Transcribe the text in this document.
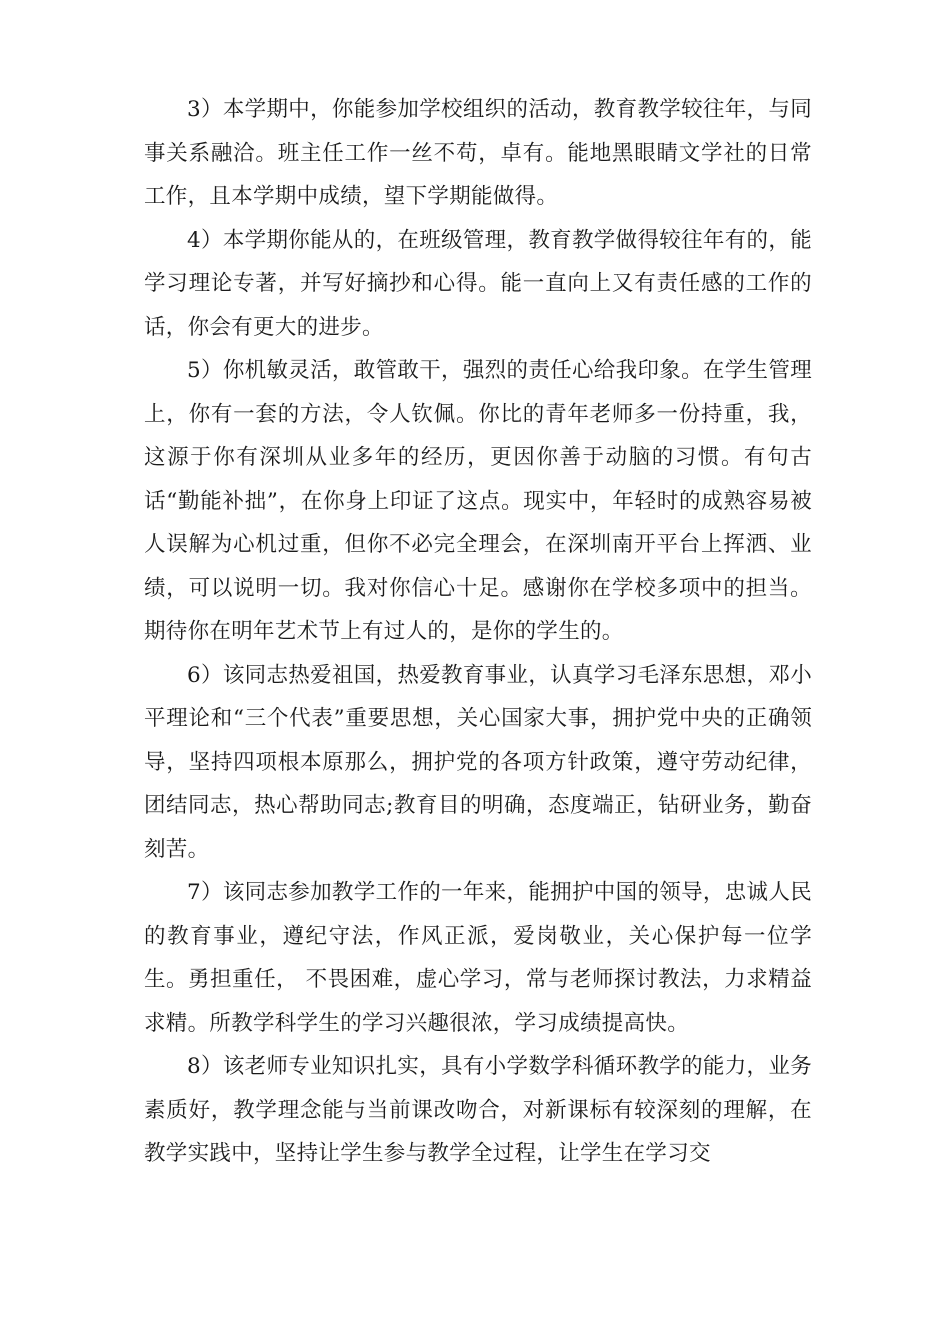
3）本学期中，你能参加学校组织的活动，教育教学较往年，与同事关系融洽。班主任工作一丝不苟，卓有。能地黑眼睛文学社的日常工作，且本学期中成绩，望下学期能做得。

4）本学期你能从的，在班级管理，教育教学做得较往年有的，能学习理论专著，并写好摘抄和心得。能一直向上又有责任感的工作的话，你会有更大的进步。

5）你机敏灵活，敢管敢干，强烈的责任心给我印象。在学生管理上，你有一套的方法，令人钦佩。你比的青年老师多一份持重，我，这源于你有深圳从业多年的经历，更因你善于动脑的习惯。有句古话“勤能补拙”，在你身上印证了这点。现实中，年轻时的成熟容易被人误解为心机过重，但你不必完全理会，在深圳南开平台上挥洒、业绩，可以说明一切。我对你信心十足。感谢你在学校多项中的担当。期待你在明年艺术节上有过人的，是你的学生的。

6）该同志热爱祖国，热爱教育事业，认真学习毛泽东思想，邓小平理论和“三个代表”重要思想，关心国家大事，拥护党中央的正确领导，坚持四项根本原那么，拥护党的各项方针政策，遵守劳动纪律，团结同志，热心帮助同志;教育目的明确，态度端正，钻研业务，勤奋刻苦。

7）该同志参加教学工作的一年来，能拥护中国的领导，忠诚人民的教育事业，遵纪守法，作风正派，爱岗敬业，关心保护每一位学生。勇担重任， 不畏困难，虚心学习，常与老师探讨教法，力求精益求精。所教学科学生的学习兴趣很浓，学习成绩提高快。

8）该老师专业知识扎实，具有小学数学科循环教学的能力，业务素质好，教学理念能与当前课改吻合，对新课标有较深刻的理解，在教学实践中，坚持让学生参与教学全过程，让学生在学习交
